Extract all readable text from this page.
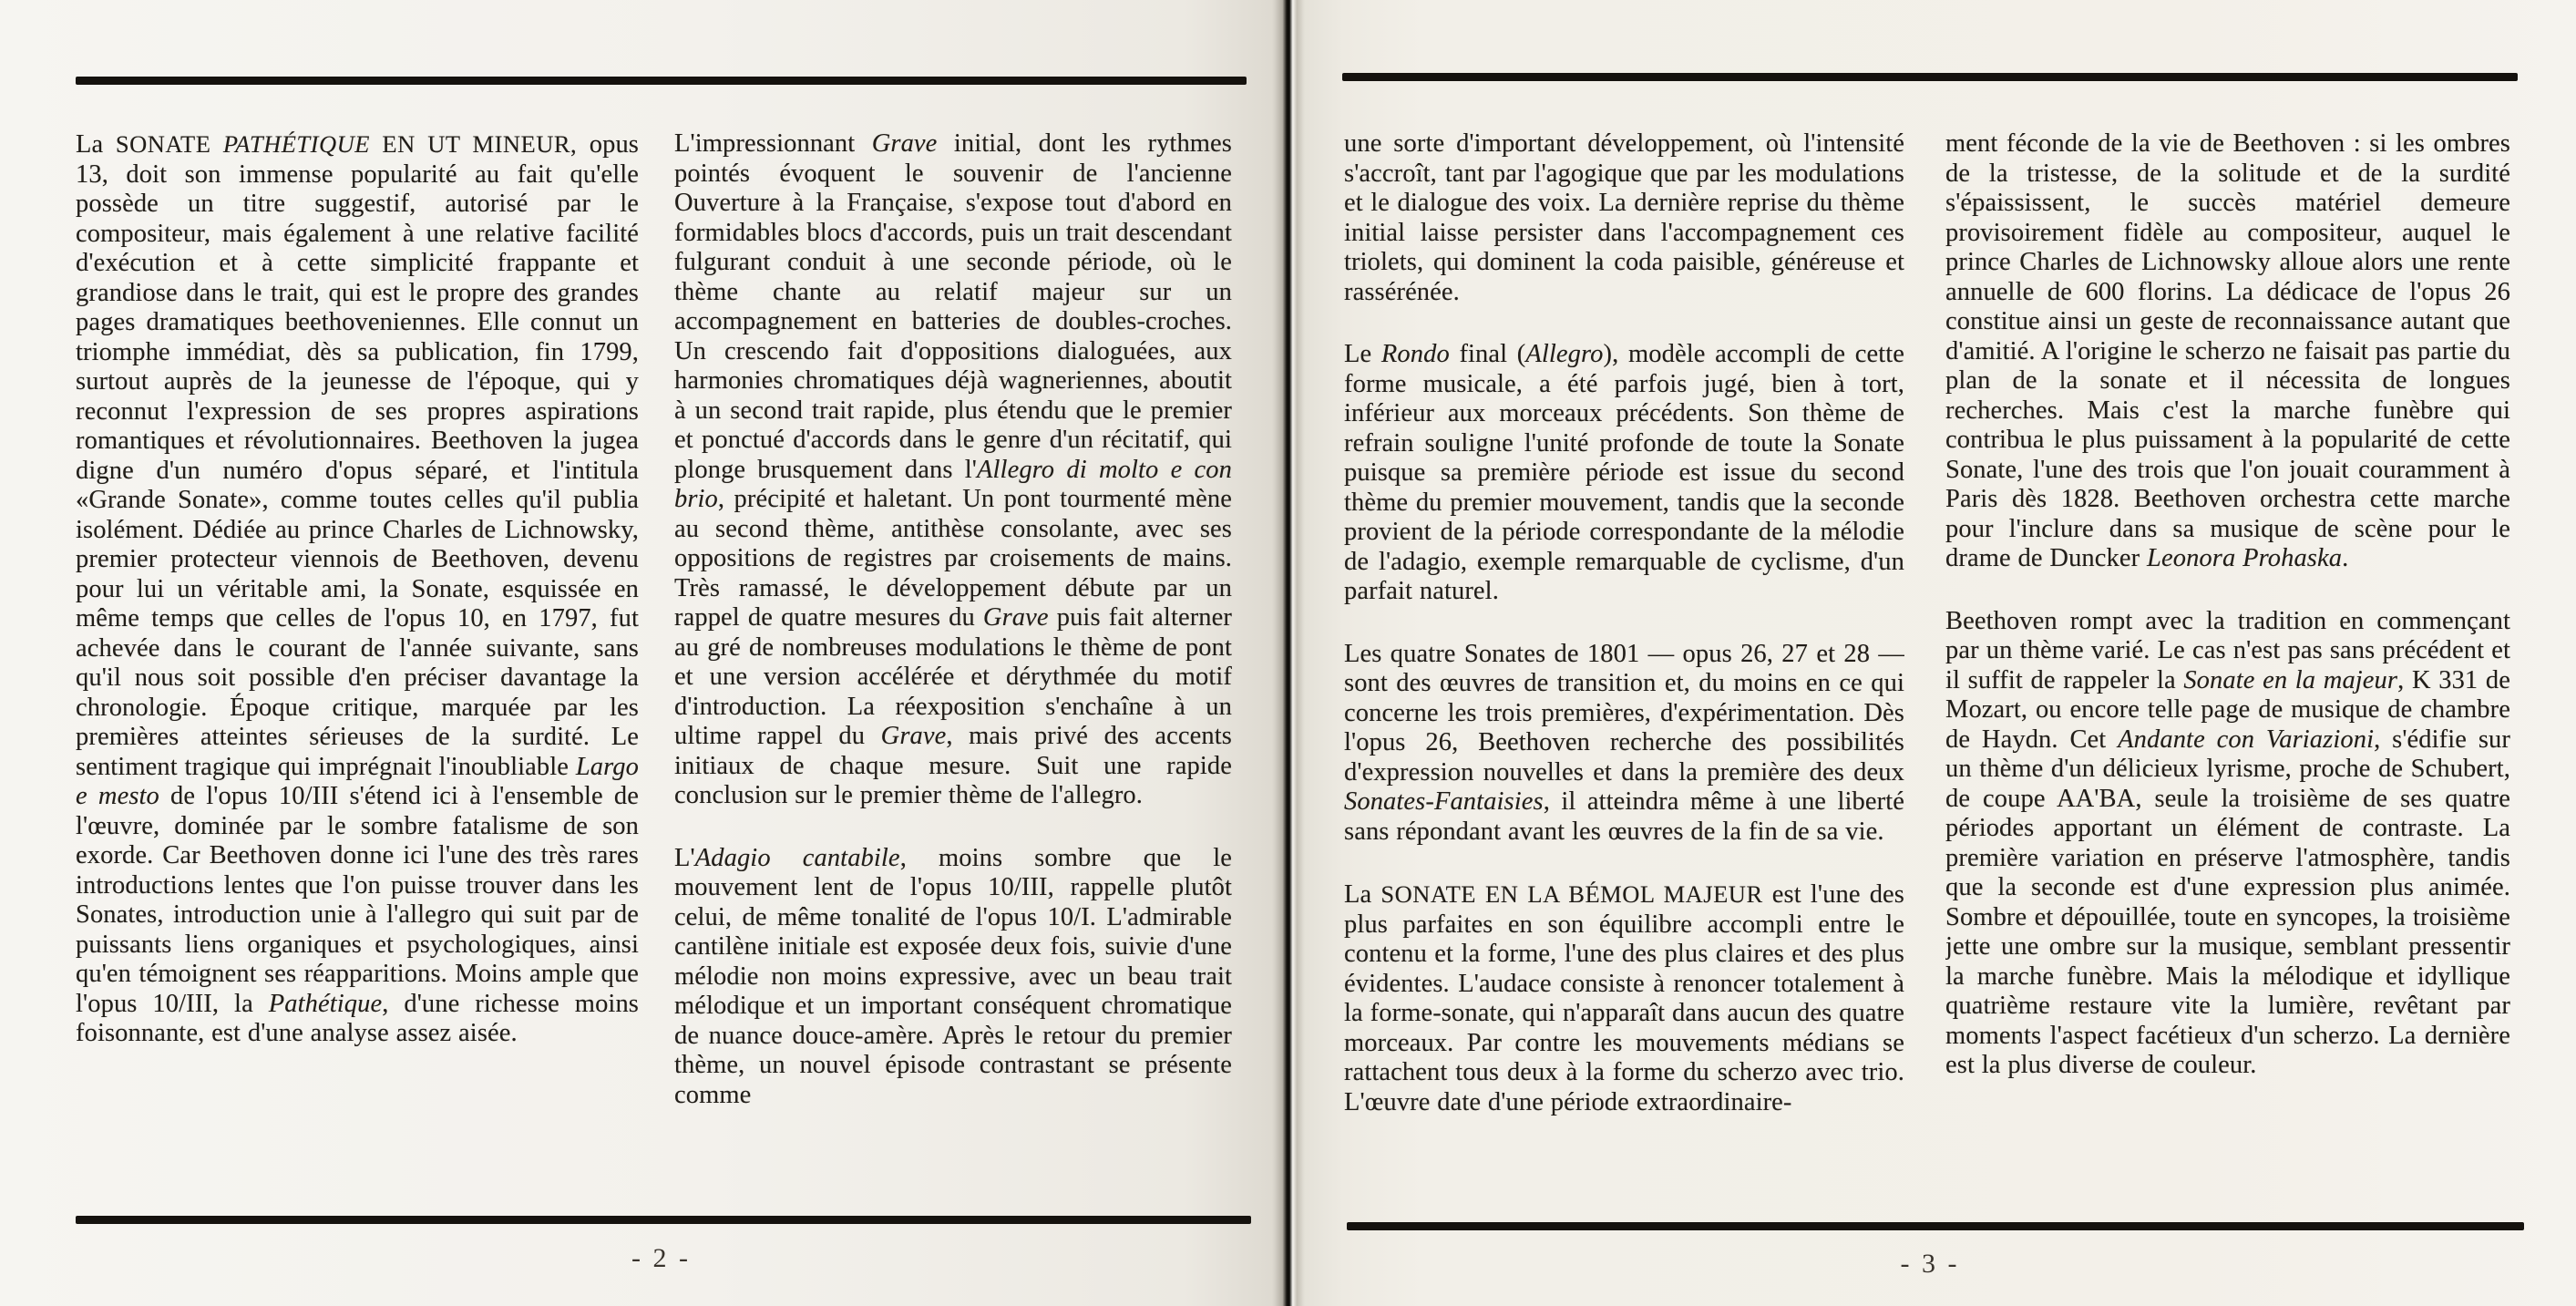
La SONATE PATHÉTIQUE EN UT MINEUR, opus 13, doit son immense popularité au fait qu'elle possède un titre suggestif, autorisé par le compositeur, mais également à une relative facilité d'exécution et à cette simplicité frappante et grandiose dans le trait, qui est le propre des grandes pages dramatiques beethoveniennes. Elle connut un triomphe immédiat, dès sa publication, fin 1799, surtout auprès de la jeunesse de l'époque, qui y reconnut l'expression de ses propres aspirations romantiques et révolutionnaires. Beethoven la jugea digne d'un numéro d'opus séparé, et l'intitula «Grande Sonate», comme toutes celles qu'il publia isolément. Dédiée au prince Charles de Lichnowsky, premier protecteur viennois de Beethoven, devenu pour lui un véritable ami, la Sonate, esquissée en même temps que celles de l'opus 10, en 1797, fut achevée dans le courant de l'année suivante, sans qu'il nous soit possible d'en préciser davantage la chronologie. Époque critique, marquée par les premières atteintes sérieuses de la surdité. Le sentiment tragique qui imprégnait l'inoubliable Largo e mesto de l'opus 10/III s'étend ici à l'ensemble de l'œuvre, dominée par le sombre fatalisme de son exorde. Car Beethoven donne ici l'une des très rares introductions lentes que l'on puisse trouver dans les Sonates, introduction unie à l'allegro qui suit par de puissants liens organiques et psychologiques, ainsi qu'en témoignent ses réapparitions. Moins ample que l'opus 10/III, la Pathétique, d'une richesse moins foisonnante, est d'une analyse assez aisée.

L'impressionnant Grave initial, dont les rythmes pointés évoquent le souvenir de l'ancienne Ouverture à la Française, s'expose tout d'abord en formidables blocs d'accords, puis un trait descendant fulgurant conduit à une seconde période, où le thème chante au relatif majeur sur un accompagnement en batteries de doubles-croches. Un crescendo fait d'oppositions dialoguées, aux harmonies chromatiques déjà wagneriennes, aboutit à un second trait rapide, plus étendu que le premier et ponctué d'accords dans le genre d'un récitatif, qui plonge brusquement dans l'Allegro di molto e con brio, précipité et haletant. Un pont tourmenté mène au second thème, antithèse consolante, avec ses oppositions de registres par croisements de mains. Très ramassé, le développement débute par un rappel de quatre mesures du Grave puis fait alterner au gré de nombreuses modulations le thème de pont et une version accélérée et dérythmée du motif d'introduction. La réexposition s'enchaîne à un ultime rappel du Grave, mais privé des accents initiaux de chaque mesure. Suit une rapide conclusion sur le premier thème de l'allegro.

L'Adagio cantabile, moins sombre que le mouvement lent de l'opus 10/III, rappelle plutôt celui, de même tonalité de l'opus 10/I. L'admirable cantilène initiale est exposée deux fois, suivie d'une mélodie non moins expressive, avec un beau trait mélodique et un important conséquent chromatique de nuance douce-amère. Après le retour du premier thème, un nouvel épisode contrastant se présente comme

- 2 -

une sorte d'important développement, où l'intensité s'accroît, tant par l'agogique que par les modulations et le dialogue des voix. La dernière reprise du thème initial laisse persister dans l'accompagnement ces triolets, qui dominent la coda paisible, généreuse et rassérénée.

Le Rondo final (Allegro), modèle accompli de cette forme musicale, a été parfois jugé, bien à tort, inférieur aux morceaux précédents. Son thème de refrain souligne l'unité profonde de toute la Sonate puisque sa première période est issue du second thème du premier mouvement, tandis que la seconde provient de la période correspondante de la mélodie de l'adagio, exemple remarquable de cyclisme, d'un parfait naturel.

Les quatre Sonates de 1801 — opus 26, 27 et 28 — sont des œuvres de transition et, du moins en ce qui concerne les trois premières, d'expérimentation. Dès l'opus 26, Beethoven recherche des possibilités d'expression nouvelles et dans la première des deux Sonates-Fantaisies, il atteindra même à une liberté sans répondant avant les œuvres de la fin de sa vie.

La SONATE EN LA BÉMOL MAJEUR est l'une des plus parfaites en son équilibre accompli entre le contenu et la forme, l'une des plus claires et des plus évidentes. L'audace consiste à renoncer totalement à la forme-sonate, qui n'apparaît dans aucun des quatre morceaux. Par contre les mouvements médians se rattachent tous deux à la forme du scherzo avec trio. L'œuvre date d'une période extraordinaire-

ment féconde de la vie de Beethoven : si les ombres de la tristesse, de la solitude et de la surdité s'épaississent, le succès matériel demeure provisoirement fidèle au compositeur, auquel le prince Charles de Lichnowsky alloue alors une rente annuelle de 600 florins. La dédicace de l'opus 26 constitue ainsi un geste de reconnaissance autant que d'amitié. A l'origine le scherzo ne faisait pas partie du plan de la sonate et il nécessita de longues recherches. Mais c'est la marche funèbre qui contribua le plus puissament à la popularité de cette Sonate, l'une des trois que l'on jouait couramment à Paris dès 1828. Beethoven orchestra cette marche pour l'inclure dans sa musique de scène pour le drame de Duncker Leonora Prohaska.

Beethoven rompt avec la tradition en commençant par un thème varié. Le cas n'est pas sans précédent et il suffit de rappeler la Sonate en la majeur, K 331 de Mozart, ou encore telle page de musique de chambre de Haydn. Cet Andante con Variazioni, s'édifie sur un thème d'un délicieux lyrisme, proche de Schubert, de coupe AA'BA, seule la troisième de ses quatre périodes apportant un élément de contraste. La première variation en préserve l'atmosphère, tandis que la seconde est d'une expression plus animée. Sombre et dépouillée, toute en syncopes, la troisième jette une ombre sur la musique, semblant pressentir la marche funèbre. Mais la mélodique et idyllique quatrième restaure vite la lumière, revêtant par moments l'aspect facétieux d'un scherzo. La dernière est la plus diverse de couleur.

- 3 -
